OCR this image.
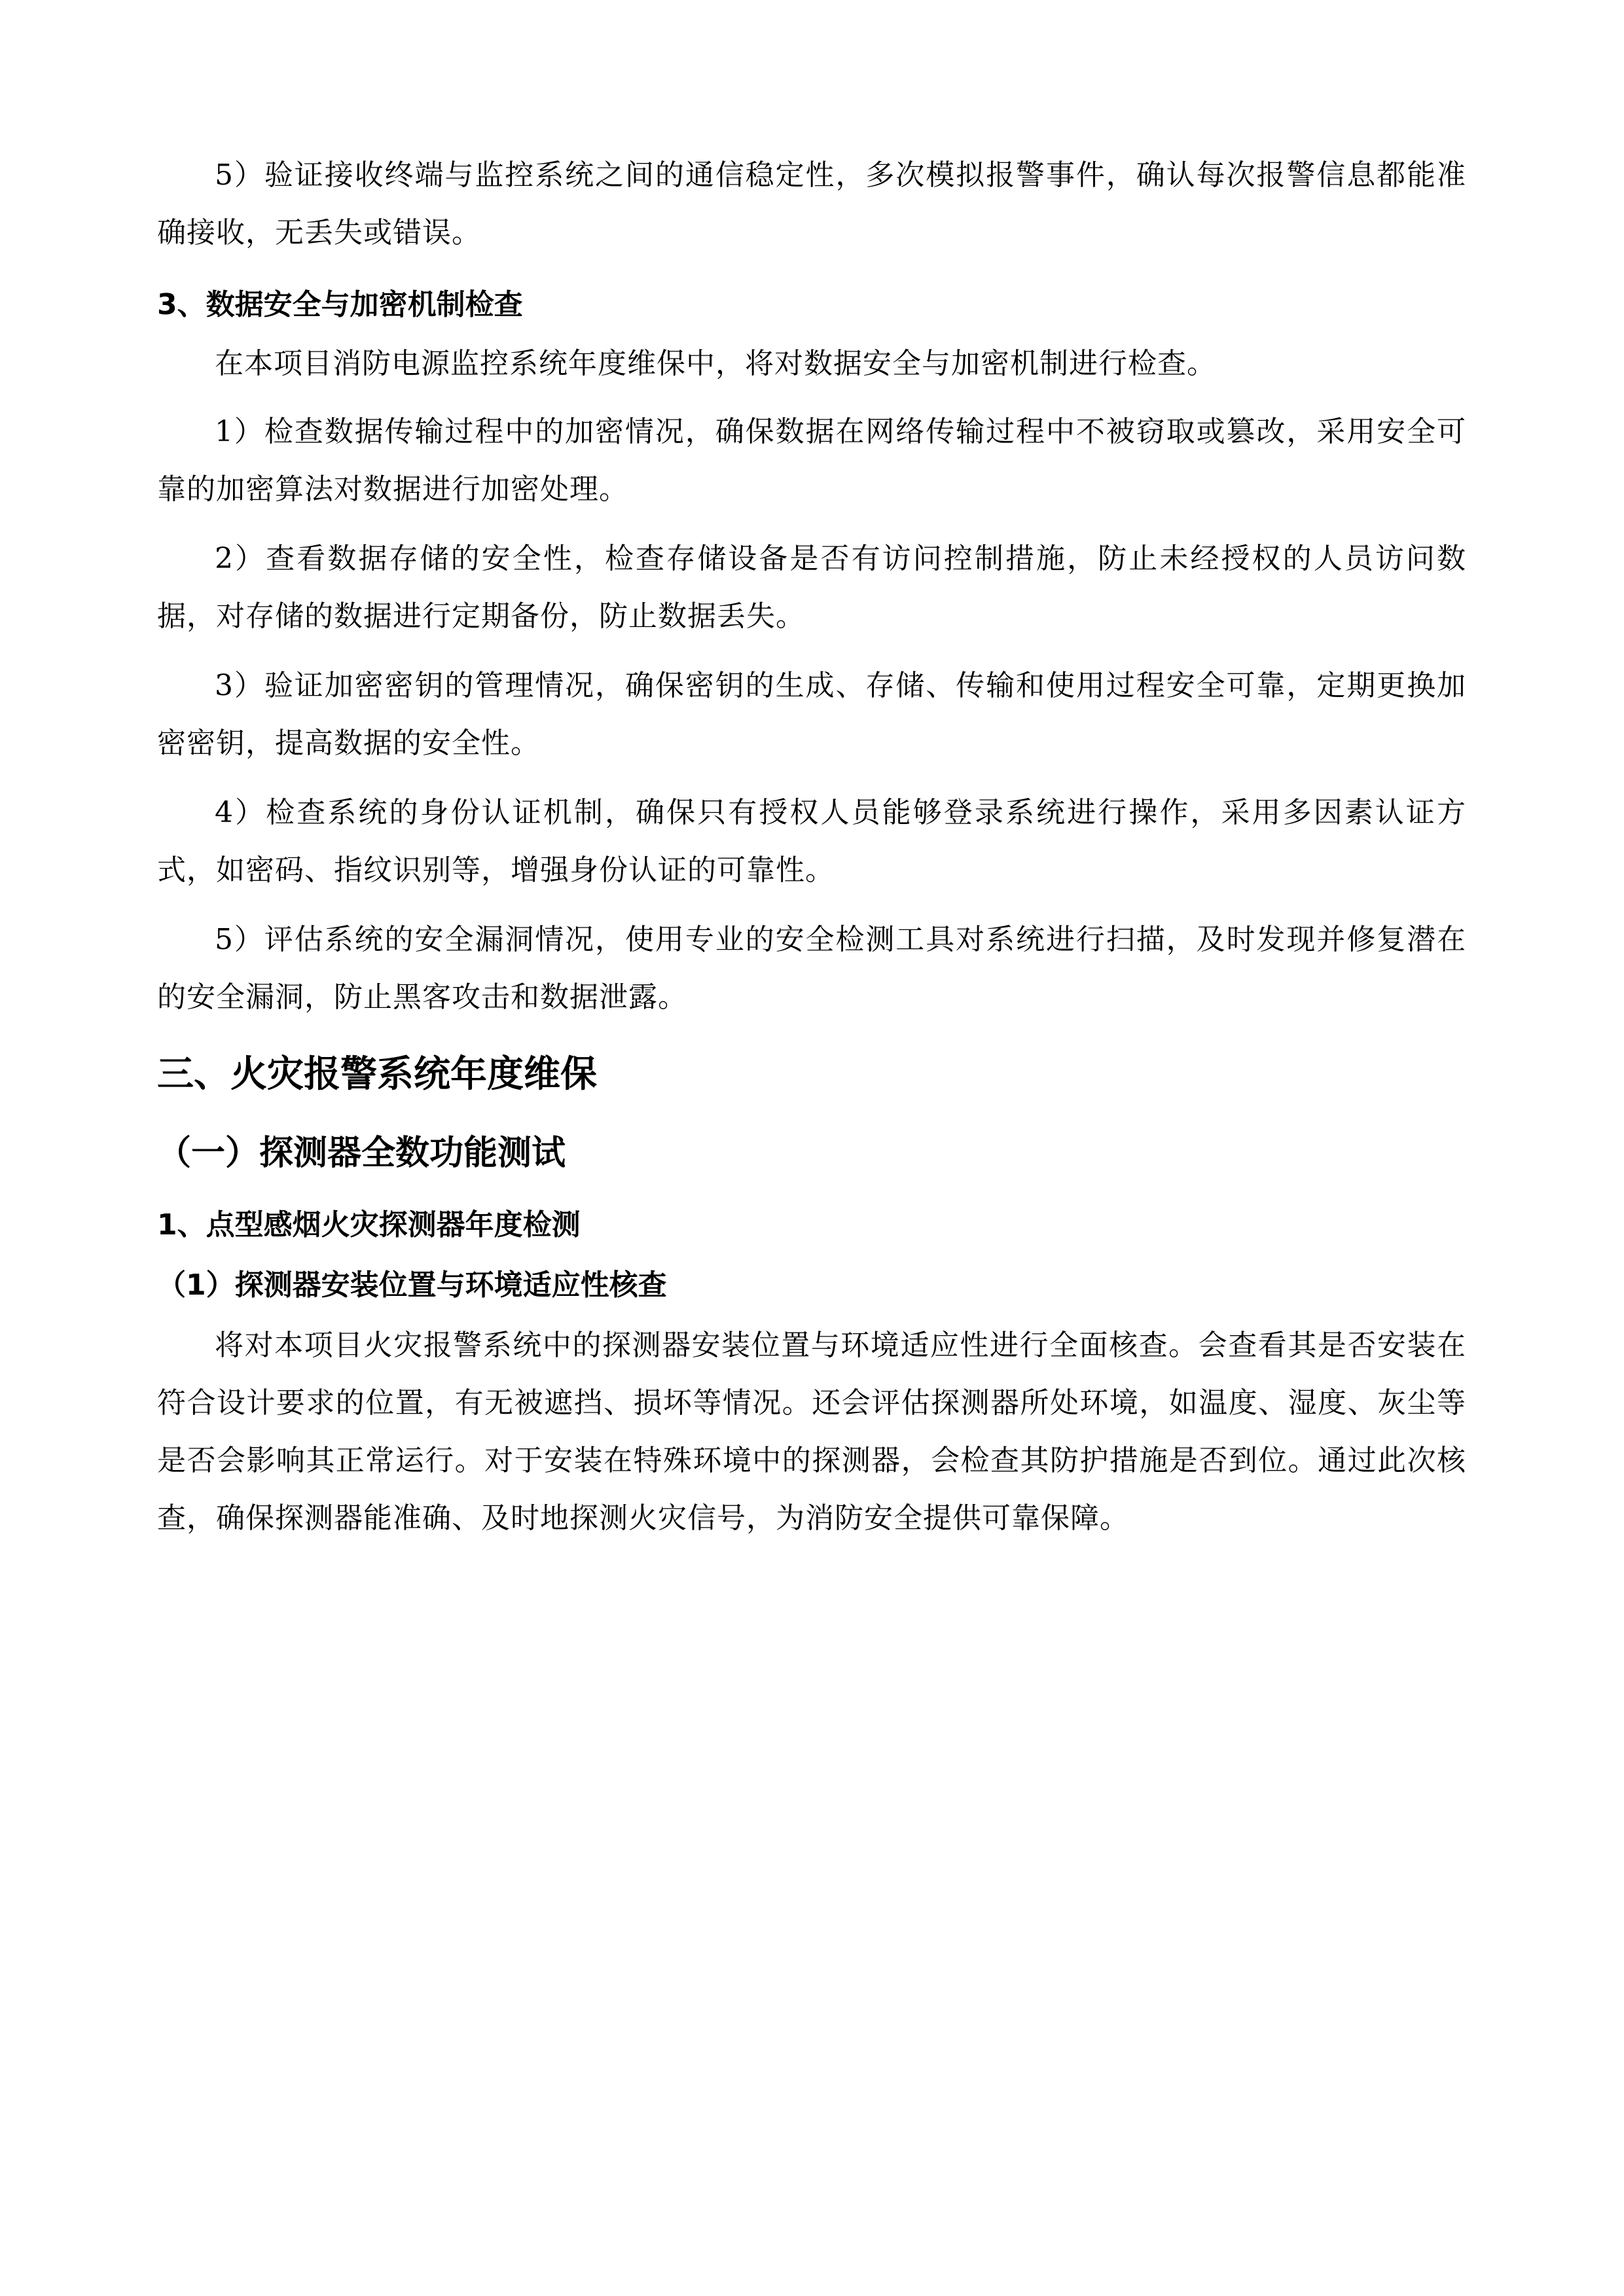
5）验证接收终端与监控系统之间的通信稳定性，多次模拟报警事件，确认每次报警信息都能准确接收，无丢失或错误。

3、数据安全与加密机制检查

在本项目消防电源监控系统年度维保中，将对数据安全与加密机制进行检查。

1）检查数据传输过程中的加密情况，确保数据在网络传输过程中不被窃取或篡改，采用安全可靠的加密算法对数据进行加密处理。

2）查看数据存储的安全性，检查存储设备是否有访问控制措施，防止未经授权的人员访问数据，对存储的数据进行定期备份，防止数据丢失。

3）验证加密密钥的管理情况，确保密钥的生成、存储、传输和使用过程安全可靠，定期更换加密密钥，提高数据的安全性。

4）检查系统的身份认证机制，确保只有授权人员能够登录系统进行操作，采用多因素认证方式，如密码、指纹识别等，增强身份认证的可靠性。

5）评估系统的安全漏洞情况，使用专业的安全检测工具对系统进行扫描，及时发现并修复潜在的安全漏洞，防止黑客攻击和数据泄露。

三、火灾报警系统年度维保

（一）探测器全数功能测试

1、点型感烟火灾探测器年度检测

（1）探测器安装位置与环境适应性核查

将对本项目火灾报警系统中的探测器安装位置与环境适应性进行全面核查。会查看其是否安装在符合设计要求的位置，有无被遮挡、损坏等情况。还会评估探测器所处环境，如温度、湿度、灰尘等是否会影响其正常运行。对于安装在特殊环境中的探测器，会检查其防护措施是否到位。通过此次核查，确保探测器能准确、及时地探测火灾信号，为消防安全提供可靠保障。
